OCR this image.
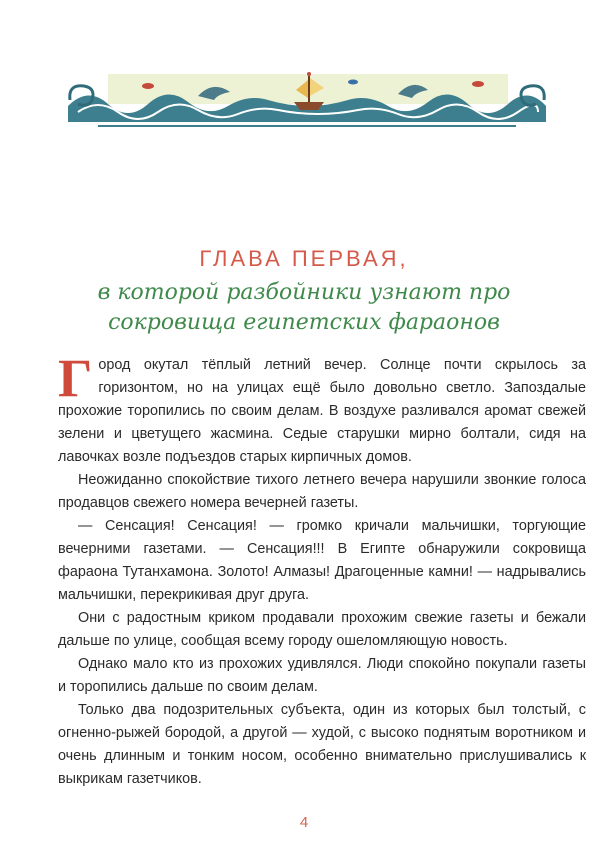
ГЛАВА ПЕРВАЯ,
в которой разбойники узнают про сокровища египетских фараонов

Город окутал тёплый летний вечер. Солнце почти скрылось за горизонтом, но на улицах ещё было довольно светло. Запоздалые прохожие торопились по своим делам. В воздухе разливался аромат свежей зелени и цветущего жасмина. Седые старушки мирно болтали, сидя на лавочках возле подъездов старых кирпичных домов.

Неожиданно спокойствие тихого летнего вечера нарушили звонкие голоса продавцов свежего номера вечерней газеты.

— Сенсация! Сенсация! — громко кричали мальчишки, торгующие вечерними газетами. — Сенсация!!! В Египте обнаружили сокровища фараона Тутанхамона. Золото! Алмазы! Драгоценные камни! — надрывались мальчишки, перекрикивая друг друга.

Они с радостным криком продавали прохожим свежие газеты и бежали дальше по улице, сообщая всему городу ошеломляющую новость.

Однако мало кто из прохожих удивлялся. Люди спокойно покупали газеты и торопились дальше по своим делам.

Только два подозрительных субъекта, один из которых был толстый, с огненно-рыжей бородой, а другой — худой, с высоко поднятым воротником и очень длинным и тонким носом, особенно внимательно прислушивались к выкрикам газетчиков.

4
